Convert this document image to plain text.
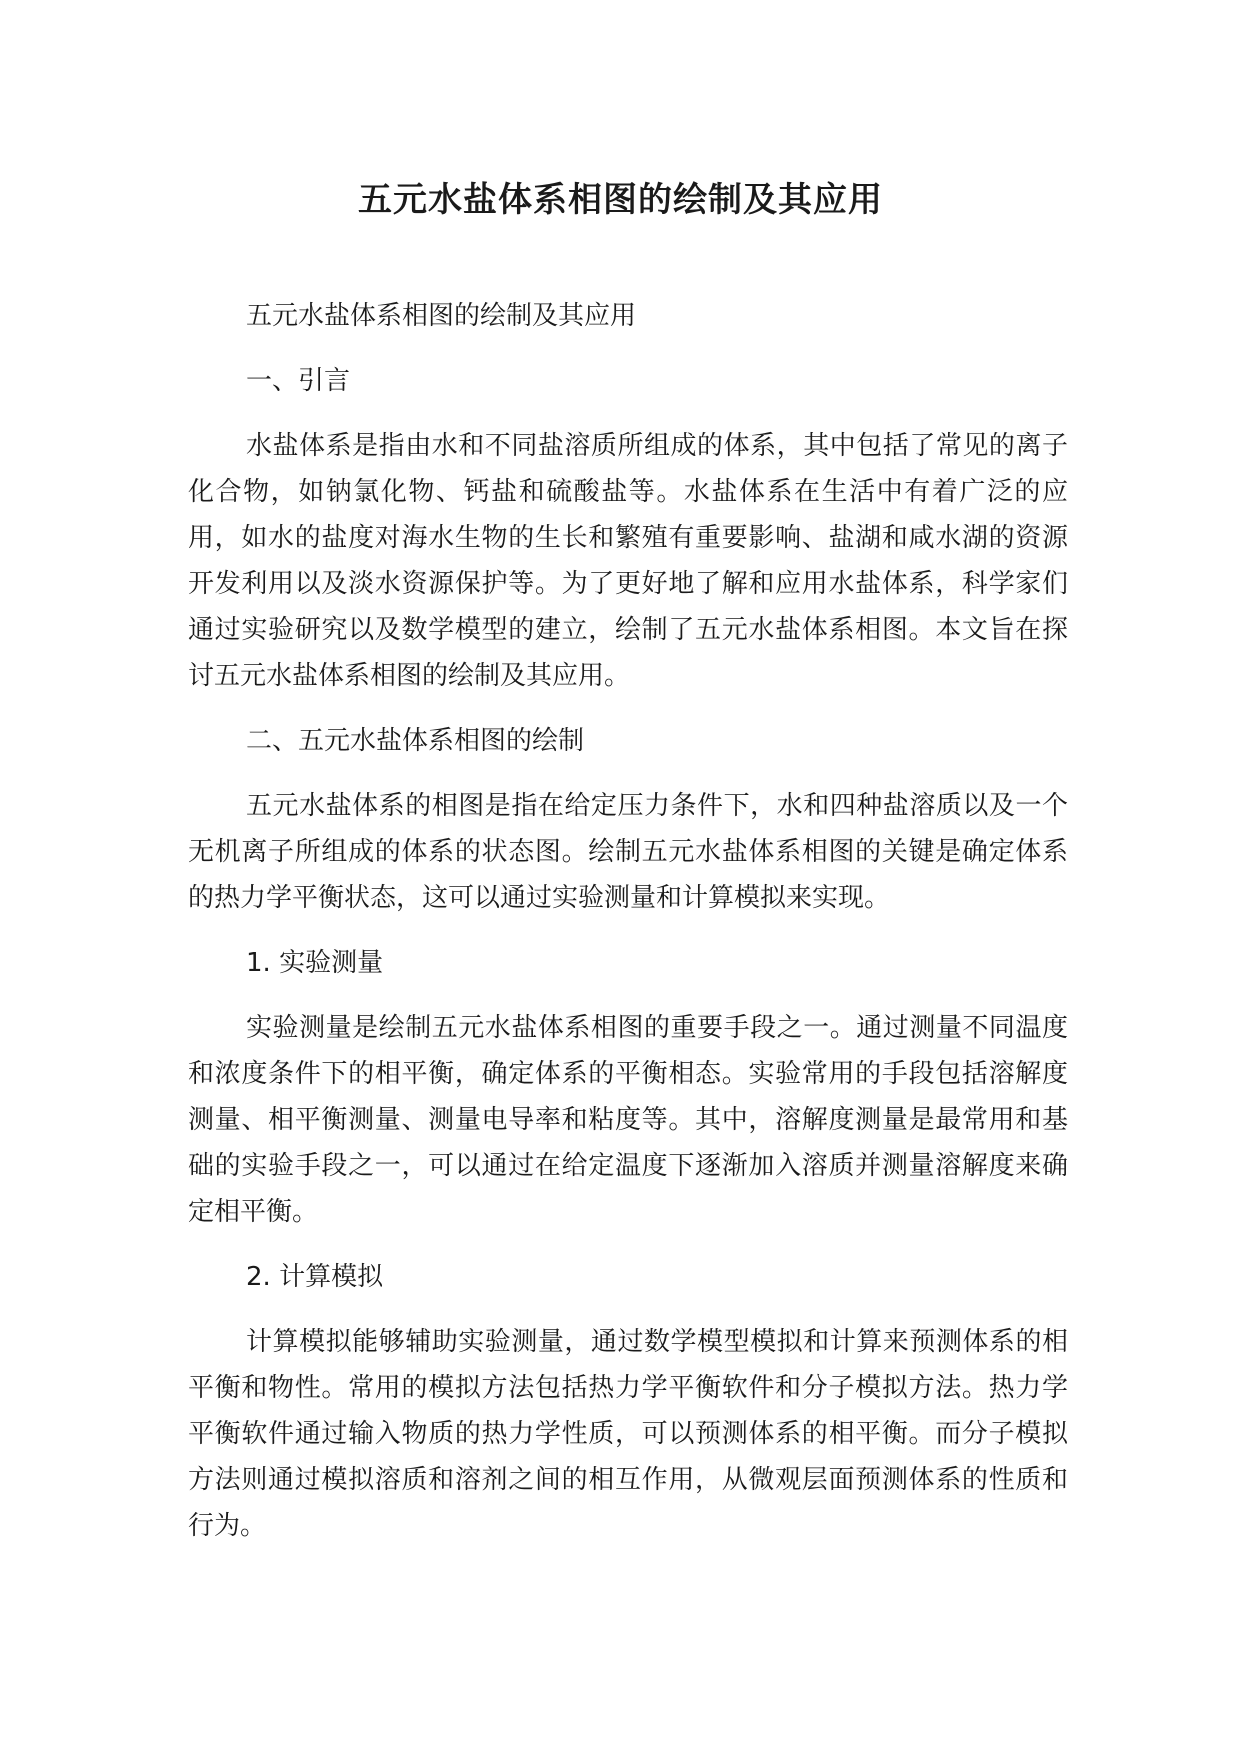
五元水盐体系相图的绘制及其应用
五元水盐体系相图的绘制及其应用
一、引言

水盐体系是指由水和不同盐溶质所组成的体系，其中包括了常见的离子化合物，如钠氯化物、钙盐和硫酸盐等。水盐体系在生活中有着广泛的应用，如水的盐度对海水生物的生长和繁殖有重要影响、盐湖和咸水湖的资源开发利用以及淡水资源保护等。为了更好地了解和应用水盐体系，科学家们通过实验研究以及数学模型的建立，绘制了五元水盐体系相图。本文旨在探讨五元水盐体系相图的绘制及其应用。

二、五元水盐体系相图的绘制

五元水盐体系的相图是指在给定压力条件下，水和四种盐溶质以及一个无机离子所组成的体系的状态图。绘制五元水盐体系相图的关键是确定体系的热力学平衡状态，这可以通过实验测量和计算模拟来实现。

1. 实验测量

实验测量是绘制五元水盐体系相图的重要手段之一。通过测量不同温度和浓度条件下的相平衡，确定体系的平衡相态。实验常用的手段包括溶解度测量、相平衡测量、测量电导率和粘度等。其中，溶解度测量是最常用和基础的实验手段之一，可以通过在给定温度下逐渐加入溶质并测量溶解度来确定相平衡。

2. 计算模拟

计算模拟能够辅助实验测量，通过数学模型模拟和计算来预测体系的相平衡和物性。常用的模拟方法包括热力学平衡软件和分子模拟方法。热力学平衡软件通过输入物质的热力学性质，可以预测体系的相平衡。而分子模拟方法则通过模拟溶质和溶剂之间的相互作用，从微观层面预测体系的性质和行为。
